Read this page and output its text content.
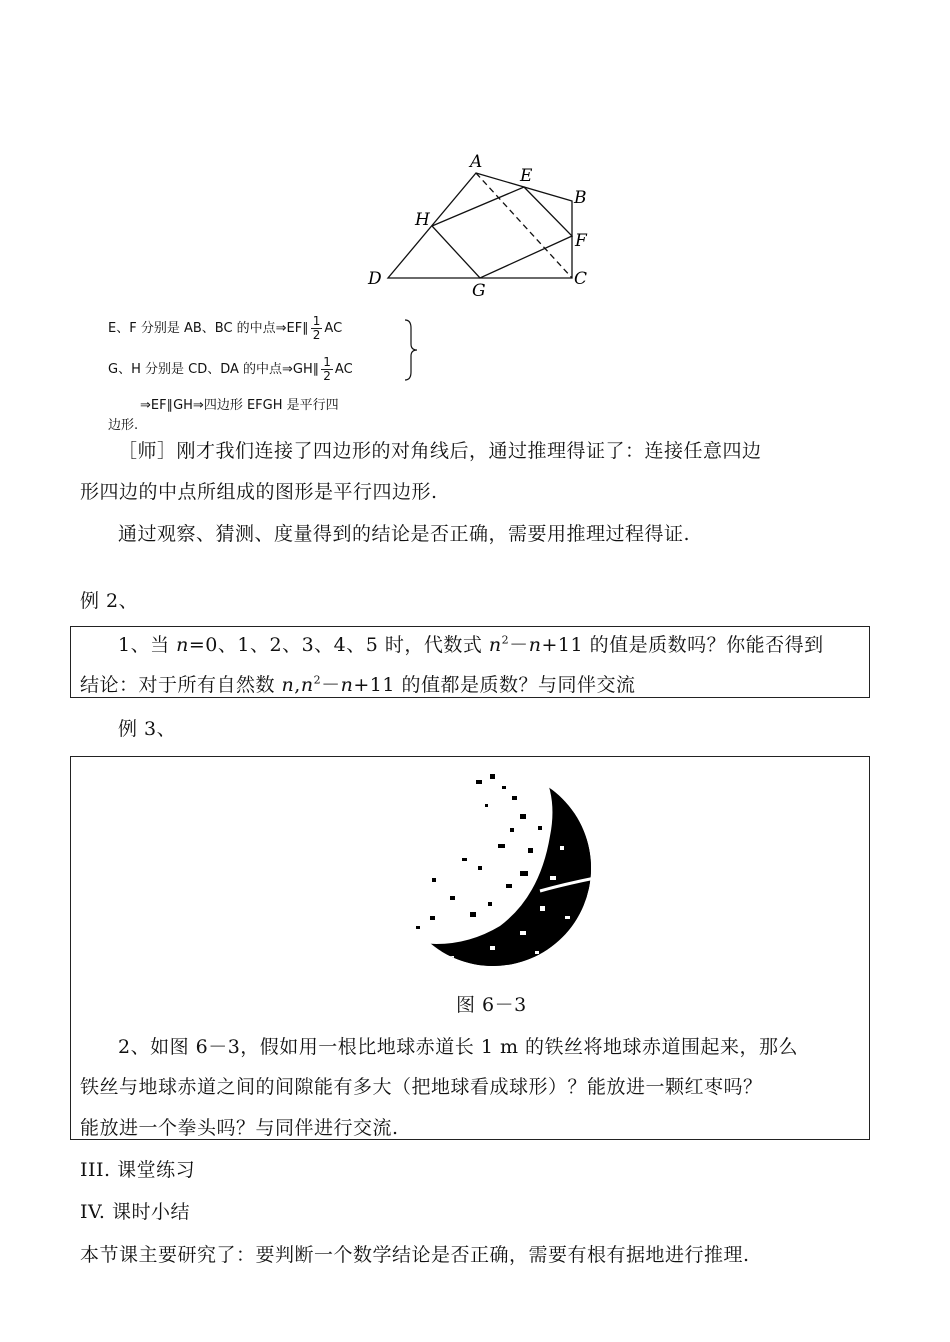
A
E
B
H
F
D
G
C
E、F 分别是 AB、BC 的中点⇒EF∥ $\frac{1}{2}$ AC
G、H 分别是 CD、DA 的中点⇒GH∥ $\frac{1}{2}$ AC
⇒EF∥GH⇒四边形 EFGH 是平行四
边形.
［师］刚才我们连接了四边形的对角线后，通过推理得证了：连接任意四边
形四边的中点所组成的图形是平行四边形.
通过观察、猜测、度量得到的结论是否正确，需要用推理过程得证.
例 2、
1、当 n=0、1、2、3、4、5 时，代数式 $n^2-n+11$ 的值是质数吗？你能否得到
结论：对于所有自然数 $n,n^2-n+11$ 的值都是质数？与同伴交流
例 3、
图 6－3
2、如图 6－3，假如用一根比地球赤道长 1 m 的铁丝将地球赤道围起来，那么
铁丝与地球赤道之间的间隙能有多大（把地球看成球形）？能放进一颗红枣吗？
能放进一个拳头吗？与同伴进行交流.
III. 课堂练习
IV. 课时小结
本节课主要研究了：要判断一个数学结论是否正确，需要有根有据地进行推理.
